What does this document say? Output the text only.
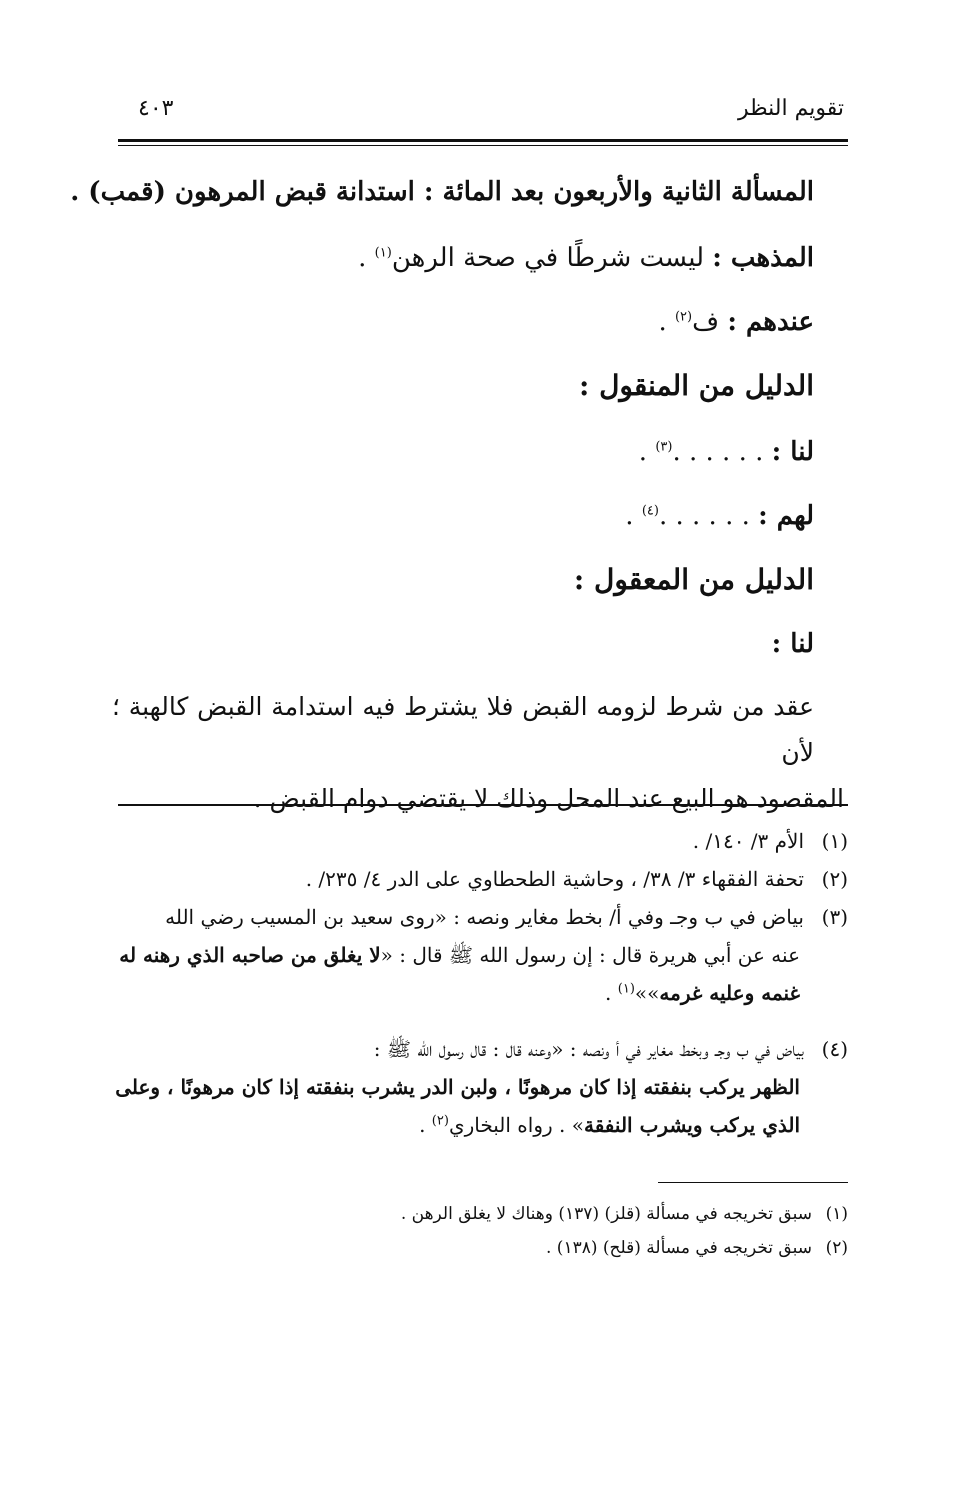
تقويم النظر
٤٠٣
المسألة الثانية والأربعون بعد المائة : استدانة قبض المرهون (قمب) .
المذهب : ليست شرطًا في صحة الرهن$^{(١)}$ .
عندهم : ف$^{(٢)}$ .
الدليل من المنقول :
لنا : . . . . . .$^{(٣)}$ .
لهم : . . . . . .$^{(٤)}$ .
الدليل من المعقول :
لنا :
عقد من شرط لزومه القبض فلا يشترط فيه استدامة القبض كالهبة ؛ لأن
المقصود هو البيع عند المحل وذلك لا يقتضي دوام القبض .
(١)الأم ٣/ ١٤٠/ .
(٢)تحفة الفقهاء ٣/ ٣٨/ ، وحاشية الطحطاوي على الدر ٤/ ٢٣٥/ .
(٣)بياض في ب وجـ وفي أ/ بخط مغاير ونصه : «روى سعيد بن المسيب رضي الله
عنه عن أبي هريرة قال : إن رسول الله ﷺ قال : «لا يغلق من صاحبه الذي رهنه له
غنمه وعليه غرمه»»$^{(١)}$ .
(٤)بياض في ب وجـ وبخط مغاير في أ ونصه : «وعنه قال : قال رسول الله ﷺ :
الظهر يركب بنفقته إذا كان مرهونًا ، ولبن الدر يشرب بنفقته إذا كان مرهونًا ، وعلى
الذي يركب ويشرب النفقة» . رواه البخاري$^{(٢)}$ .
(١)سبق تخريجه في مسألة (قلز) (١٣٧) وهناك لا يغلق الرهن .
(٢)سبق تخريجه في مسألة (قلح) (١٣٨) .
